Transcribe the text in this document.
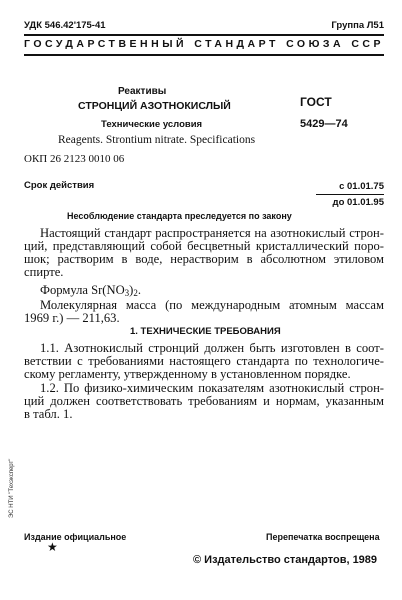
УДК 546.42'175-41	Группа Л51
ГОСУДАРСТВЕННЫЙ СТАНДАРТ СОЮЗА ССР
Реактивы
СТРОНЦИЙ АЗОТНОКИСЛЫЙ
Технические условия
Reagents. Strontium nitrate. Specifications
ГОСТ
5429—74
ОКП 26 2123 0010 06
Срок действия	с 01.01.75
до 01.01.95
Несоблюдение стандарта преследуется по закону

Настоящий стандарт распространяется на азотнокислый строн-

ций, представляющий собой бесцветный кристаллический поро-

шок; растворим в воде, нерастворим в абсолютном этиловом

спирте.

Формула $Sr(NO_3)_2$.

Молекулярная масса (по международным атомным массам

1969 г.) — 211,63.

1. ТЕХНИЧЕСКИЕ ТРЕБОВАНИЯ

1.1. Азотнокислый стронций должен быть изготовлен в соот-

ветствии с требованиями настоящего стандарта по технологиче-

скому регламенту, утвержденному в установленном порядке.

1.2. По физико-химическим показателям азотнокислый строн-

ций должен соответствовать требованиям и нормам, указанным

в табл. 1.

ЭС НТИ "Техэксперт"
Издание официальное
★
Перепечатка воспрещена
© Издательство стандартов, 1989
